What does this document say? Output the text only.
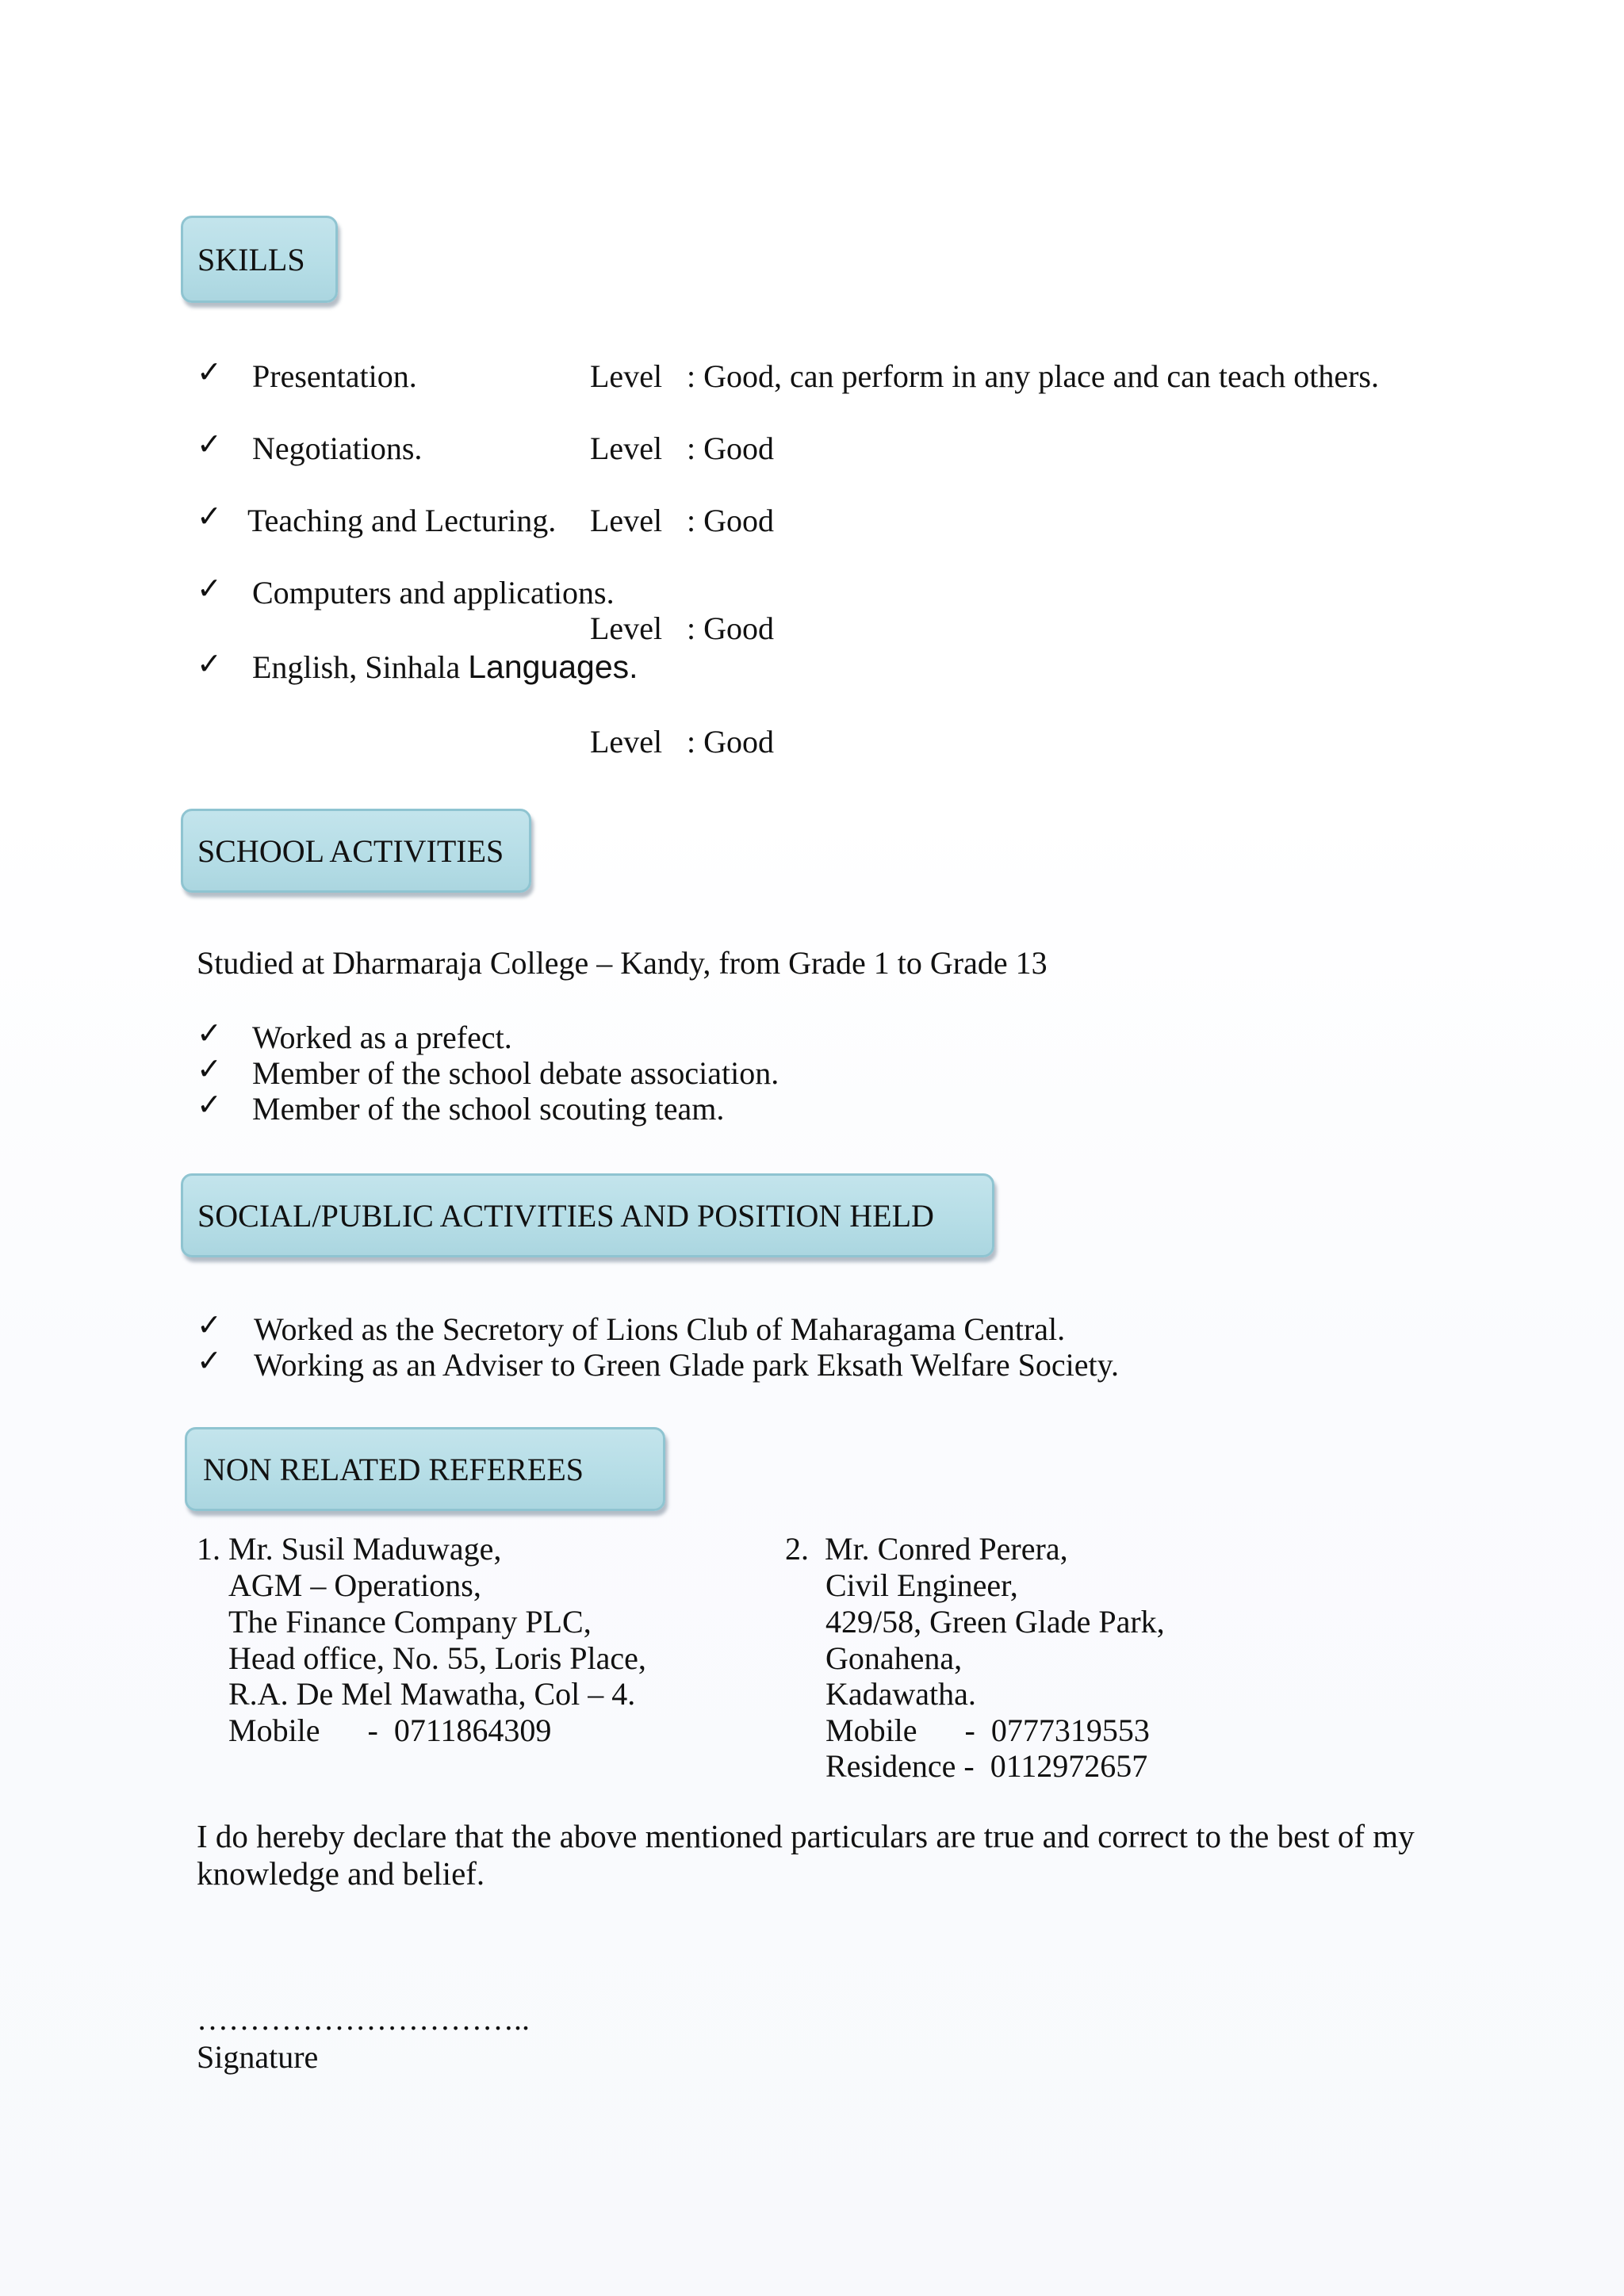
SKILLS
✓ Presentation.	Level : Good, can perform in any place and can teach others.
✓ Negotiations.	Level : Good
✓ Teaching and Lecturing. Level : Good
✓ Computers and applications.
Level : Good
✓ English, Sinhala Languages.
Level : Good
SCHOOL ACTIVITIES
Studied at Dharmaraja College – Kandy, from Grade 1 to Grade 13
✓ Worked as a prefect.
✓ Member of the school debate association.
✓ Member of the school scouting team.
SOCIAL/PUBLIC ACTIVITIES AND POSITION HELD
✓ Worked as the Secretory of Lions Club of Maharagama Central.
✓ Working as an Adviser to Green Glade park Eksath Welfare Society.
NON RELATED REFEREES
1. Mr. Susil Maduwage,
AGM – Operations,
The Finance Company PLC,
Head office, No. 55, Loris Place,
R.A. De Mel Mawatha, Col – 4.
Mobile      -  0711864309
2.  Mr. Conred Perera,
Civil Engineer,
429/58, Green Glade Park,
Gonahena,
Kadawatha.
Mobile      -  0777319553
Residence -  0112972657
I do hereby declare that the above mentioned particulars are true and correct to the best of my
knowledge and belief.
…………………………..
Signature
